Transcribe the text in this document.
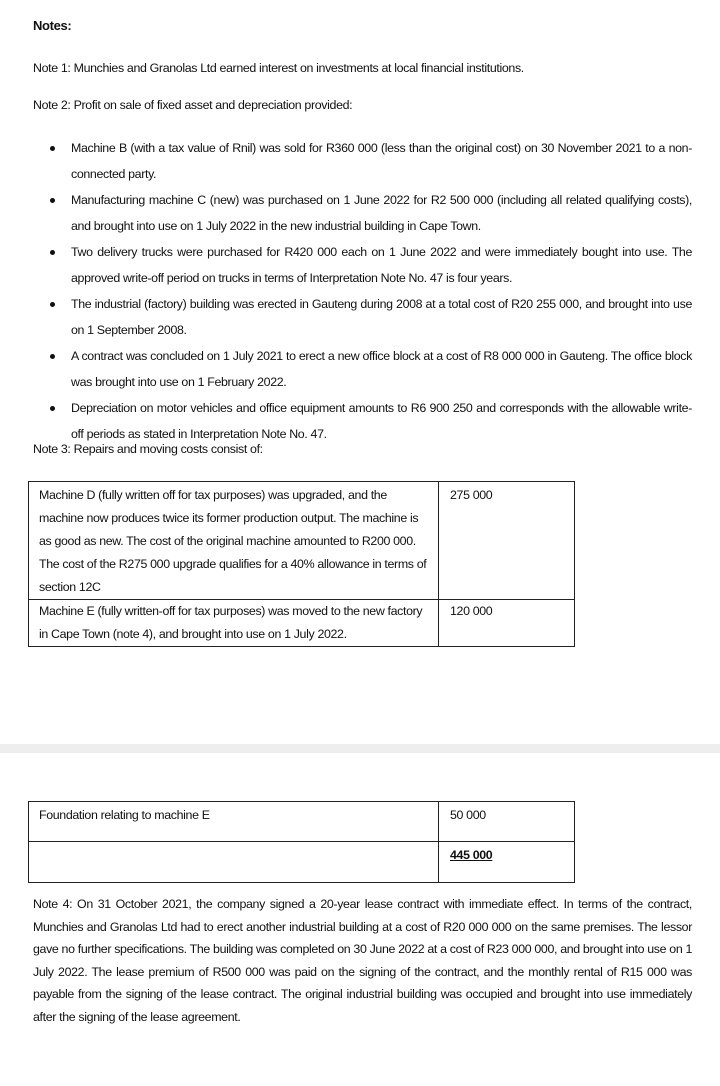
Notes:
Note 1: Munchies and Granolas Ltd earned interest on investments at local financial institutions.
Note 2: Profit on sale of fixed asset and depreciation provided:
Machine B (with a tax value of Rnil) was sold for R360 000 (less than the original cost) on 30 November 2021 to a non-connected party.
Manufacturing machine C (new) was purchased on 1 June 2022 for R2 500 000 (including all related qualifying costs), and brought into use on 1 July 2022 in the new industrial building in Cape Town.
Two delivery trucks were purchased for R420 000 each on 1 June 2022 and were immediately bought into use. The approved write-off period on trucks in terms of Interpretation Note No. 47 is four years.
The industrial (factory) building was erected in Gauteng during 2008 at a total cost of R20 255 000, and brought into use on 1 September 2008.
A contract was concluded on 1 July 2021 to erect a new office block at a cost of R8 000 000 in Gauteng. The office block was brought into use on 1 February 2022.
Depreciation on motor vehicles and office equipment amounts to R6 900 250 and corresponds with the allowable write-off periods as stated in Interpretation Note No. 47.
Note 3: Repairs and moving costs consist of:
Machine D (fully written off for tax purposes) was upgraded, and the machine now produces twice its former production output. The machine is as good as new. The cost of the original machine amounted to R200 000. The cost of the R275 000 upgrade qualifies for a 40% allowance in terms of section 12C	275 000
Machine E (fully written-off for tax purposes) was moved to the new factory in Cape Town (note 4), and brought into use on 1 July 2022.	120 000
Foundation relating to machine E	50 000
	445 000
Note 4: On 31 October 2021, the company signed a 20-year lease contract with immediate effect. In terms of the contract, Munchies and Granolas Ltd had to erect another industrial building at a cost of R20 000 000 on the same premises. The lessor gave no further specifications. The building was completed on 30 June 2022 at a cost of R23 000 000, and brought into use on 1 July 2022. The lease premium of R500 000 was paid on the signing of the contract, and the monthly rental of R15 000 was payable from the signing of the lease contract. The original industrial building was occupied and brought into use immediately after the signing of the lease agreement.
